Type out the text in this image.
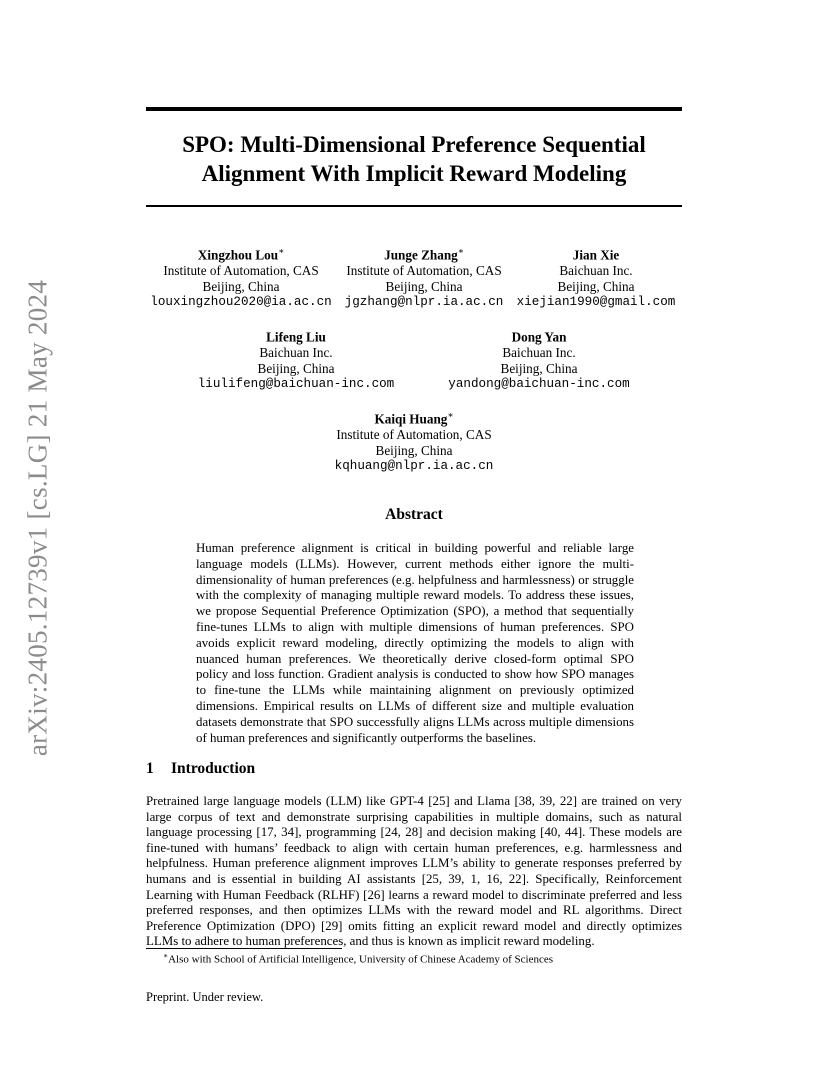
arXiv:2405.12739v1 [cs.LG] 21 May 2024
SPO: Multi-Dimensional Preference Sequential
Alignment With Implicit Reward Modeling
Xingzhou Lou∗
Institute of Automation, CAS
Beijing, China
louxingzhou2020@ia.ac.cn
Junge Zhang∗
Institute of Automation, CAS
Beijing, China
jgzhang@nlpr.ia.ac.cn
Jian Xie
Baichuan Inc.
Beijing, China
xiejian1990@gmail.com
Lifeng Liu
Baichuan Inc.
Beijing, China
liulifeng@baichuan-inc.com
Dong Yan
Baichuan Inc.
Beijing, China
yandong@baichuan-inc.com
Kaiqi Huang∗
Institute of Automation, CAS
Beijing, China
kqhuang@nlpr.ia.ac.cn
Abstract
Human preference alignment is critical in building powerful and reliable large language models (LLMs). However, current methods either ignore the multi-dimensionality of human preferences (e.g. helpfulness and harmlessness) or struggle with the complexity of managing multiple reward models. To address these issues, we propose Sequential Preference Optimization (SPO), a method that sequentially fine-tunes LLMs to align with multiple dimensions of human preferences. SPO avoids explicit reward modeling, directly optimizing the models to align with nuanced human preferences. We theoretically derive closed-form optimal SPO policy and loss function. Gradient analysis is conducted to show how SPO manages to fine-tune the LLMs while maintaining alignment on previously optimized dimensions. Empirical results on LLMs of different size and multiple evaluation datasets demonstrate that SPO successfully aligns LLMs across multiple dimensions of human preferences and significantly outperforms the baselines.
1 Introduction
Pretrained large language models (LLM) like GPT-4 [25] and Llama [38, 39, 22] are trained on very large corpus of text and demonstrate surprising capabilities in multiple domains, such as natural language processing [17, 34], programming [24, 28] and decision making [40, 44]. These models are fine-tuned with humans’ feedback to align with certain human preferences, e.g. harmlessness and helpfulness. Human preference alignment improves LLM’s ability to generate responses preferred by humans and is essential in building AI assistants [25, 39, 1, 16, 22]. Specifically, Reinforcement Learning with Human Feedback (RLHF) [26] learns a reward model to discriminate preferred and less preferred responses, and then optimizes LLMs with the reward model and RL algorithms. Direct Preference Optimization (DPO) [29] omits fitting an explicit reward model and directly optimizes LLMs to adhere to human preferences, and thus is known as implicit reward modeling.
∗Also with School of Artificial Intelligence, University of Chinese Academy of Sciences
Preprint. Under review.
